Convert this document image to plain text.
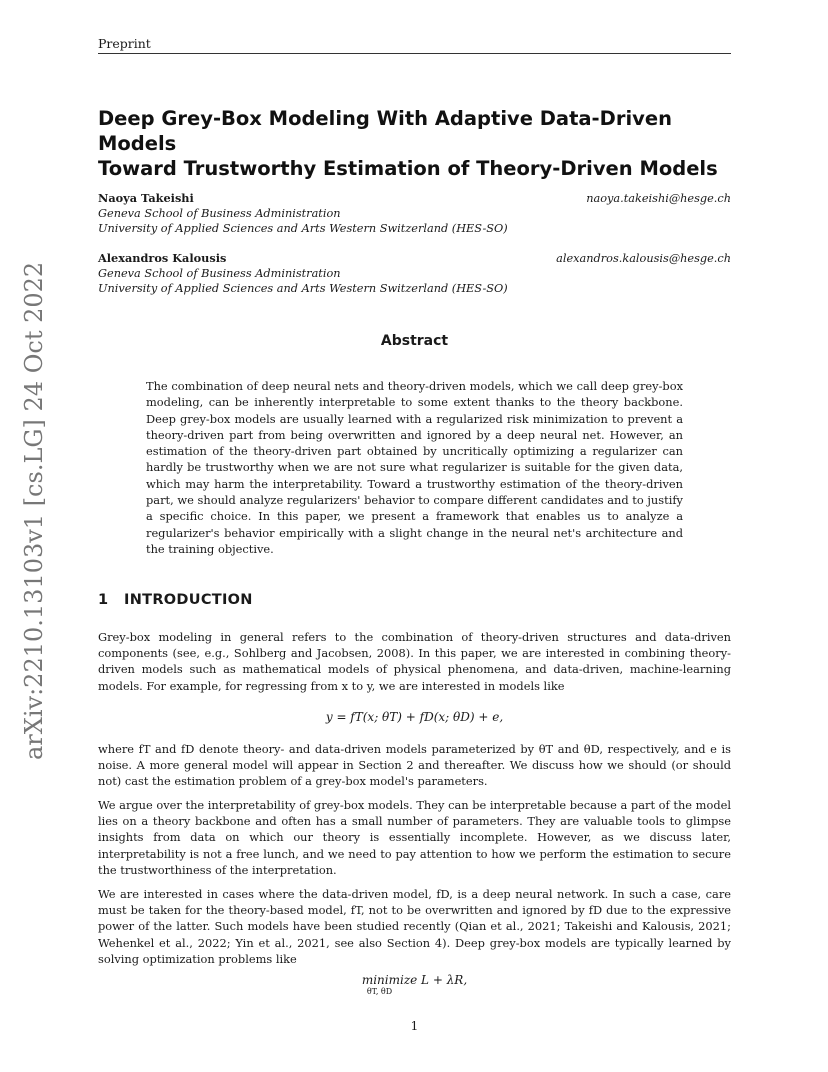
arXiv:2210.13103v1 [cs.LG] 24 Oct 2022
Preprint
Deep Grey-Box Modeling With Adaptive Data-Driven Models
Toward Trustworthy Estimation of Theory-Driven Models
Naoya Takeishi	naoya.takeishi@hesge.ch
Geneva School of Business Administration
University of Applied Sciences and Arts Western Switzerland (HES-SO)
Alexandros Kalousis	alexandros.kalousis@hesge.ch
Geneva School of Business Administration
University of Applied Sciences and Arts Western Switzerland (HES-SO)
Abstract
The combination of deep neural nets and theory-driven models, which we call deep grey-box modeling, can be inherently interpretable to some extent thanks to the theory backbone. Deep grey-box models are usually learned with a regularized risk minimization to prevent a theory-driven part from being overwritten and ignored by a deep neural net. However, an estimation of the theory-driven part obtained by uncritically optimizing a regularizer can hardly be trustworthy when we are not sure what regularizer is suitable for the given data, which may harm the interpretability. Toward a trustworthy estimation of the theory-driven part, we should analyze regularizers' behavior to compare different candidates and to justify a specific choice. In this paper, we present a framework that enables us to analyze a regularizer's behavior empirically with a slight change in the neural net's architecture and the training objective.
1 INTRODUCTION
Grey-box modeling in general refers to the combination of theory-driven structures and data-driven components (see, e.g., Sohlberg and Jacobsen, 2008). In this paper, we are interested in combining theory-driven models such as mathematical models of physical phenomena, and data-driven, machine-learning models. For example, for regressing from x to y, we are interested in models like
y = fT(x; θT) + fD(x; θD) + e,
where fT and fD denote theory- and data-driven models parameterized by θT and θD, respectively, and e is noise. A more general model will appear in Section 2 and thereafter. We discuss how we should (or should not) cast the estimation problem of a grey-box model's parameters.
We argue over the interpretability of grey-box models. They can be interpretable because a part of the model lies on a theory backbone and often has a small number of parameters. They are valuable tools to glimpse insights from data on which our theory is essentially incomplete. However, as we discuss later, interpretability is not a free lunch, and we need to pay attention to how we perform the estimation to secure the trustworthiness of the interpretation.
We are interested in cases where the data-driven model, fD, is a deep neural network. In such a case, care must be taken for the theory-based model, fT, not to be overwritten and ignored by fD due to the expressive power of the latter. Such models have been studied recently (Qian et al., 2021; Takeishi and Kalousis, 2021; Wehenkel et al., 2022; Yin et al., 2021, see also Section 4). Deep grey-box models are typically learned by solving optimization problems like
minimize L + λR,
θT, θD
1
